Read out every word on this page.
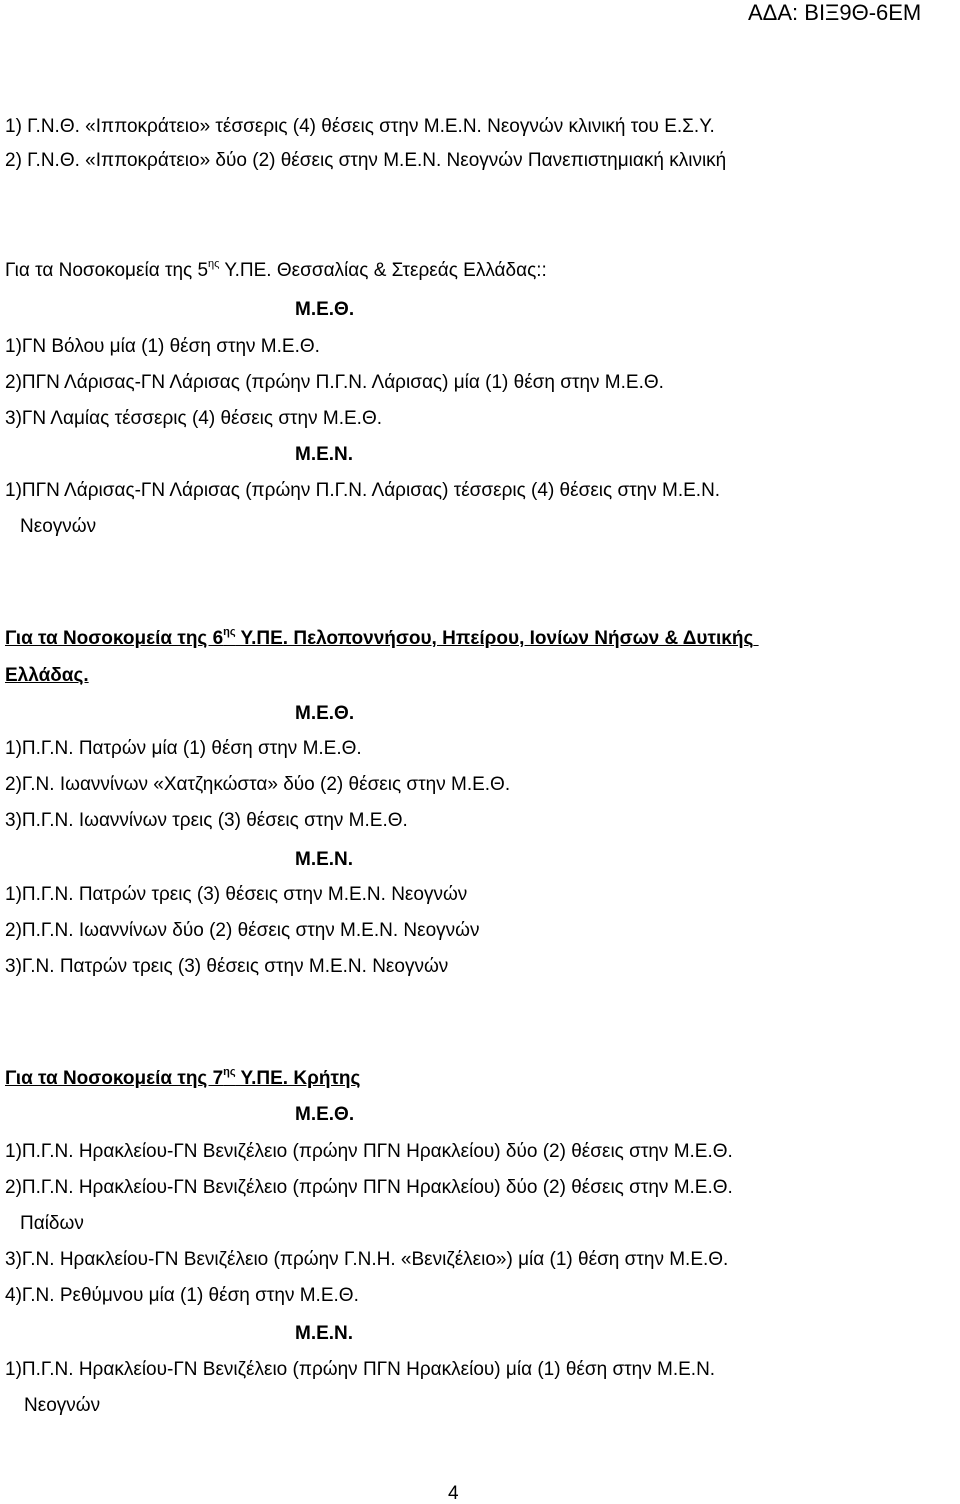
ΑΔΑ: ΒΙΞ9Θ-6ΕΜ
1) Γ.Ν.Θ. «Ιπποκράτειο» τέσσερις (4) θέσεις στην Μ.Ε.Ν. Νεογνών κλινική του Ε.Σ.Υ.
2) Γ.Ν.Θ. «Ιπποκράτειο» δύο (2) θέσεις στην Μ.Ε.Ν. Νεογνών Πανεπιστημιακή κλινική
Για τα Νοσοκομεία της $5^{\eta\varsigma}$ Υ.ΠΕ. Θεσσαλίας & Στερεάς Ελλάδας::
Μ.Ε.Θ.
1)ΓΝ Βόλου μία (1) θέση στην Μ.Ε.Θ.
2)ΠΓΝ Λάρισας-ΓΝ Λάρισας (πρώην Π.Γ.Ν. Λάρισας) μία (1) θέση στην Μ.Ε.Θ.
3)ΓΝ Λαμίας τέσσερις (4) θέσεις στην Μ.Ε.Θ.
Μ.Ε.Ν.
1)ΠΓΝ Λάρισας-ΓΝ Λάρισας (πρώην Π.Γ.Ν. Λάρισας) τέσσερις (4) θέσεις στην Μ.Ε.Ν.
Νεογνών
Για τα Νοσοκομεία της $6^{\eta\varsigma}$ Υ.ΠΕ. Πελοποννήσου, Ηπείρου, Ιονίων Νήσων & Δυτικής
Ελλάδας.
Μ.Ε.Θ.
1)Π.Γ.Ν. Πατρών μία (1) θέση στην Μ.Ε.Θ.
2)Γ.Ν. Ιωαννίνων «Χατζηκώστα» δύο (2) θέσεις στην Μ.Ε.Θ.
3)Π.Γ.Ν. Ιωαννίνων τρεις (3) θέσεις στην Μ.Ε.Θ.
Μ.Ε.Ν.
1)Π.Γ.Ν. Πατρών τρεις (3) θέσεις στην Μ.Ε.Ν. Νεογνών
2)Π.Γ.Ν. Ιωαννίνων δύο (2) θέσεις στην Μ.Ε.Ν. Νεογνών
3)Γ.Ν. Πατρών τρεις (3) θέσεις στην Μ.Ε.Ν. Νεογνών
Για τα Νοσοκομεία της $7^{\eta\varsigma}$ Υ.ΠΕ. Κρήτης
Μ.Ε.Θ.
1)Π.Γ.Ν. Ηρακλείου-ΓΝ Βενιζέλειο (πρώην ΠΓΝ Ηρακλείου) δύο (2) θέσεις στην Μ.Ε.Θ.
2)Π.Γ.Ν. Ηρακλείου-ΓΝ Βενιζέλειο (πρώην ΠΓΝ Ηρακλείου) δύο (2) θέσεις στην Μ.Ε.Θ.
Παίδων
3)Γ.Ν. Ηρακλείου-ΓΝ Βενιζέλειο (πρώην Γ.Ν.Η. «Βενιζέλειο») μία (1) θέση στην Μ.Ε.Θ.
4)Γ.Ν. Ρεθύμνου μία (1) θέση στην Μ.Ε.Θ.
Μ.Ε.Ν.
1)Π.Γ.Ν. Ηρακλείου-ΓΝ Βενιζέλειο (πρώην ΠΓΝ Ηρακλείου) μία (1) θέση στην Μ.Ε.Ν.
Νεογνών
4
